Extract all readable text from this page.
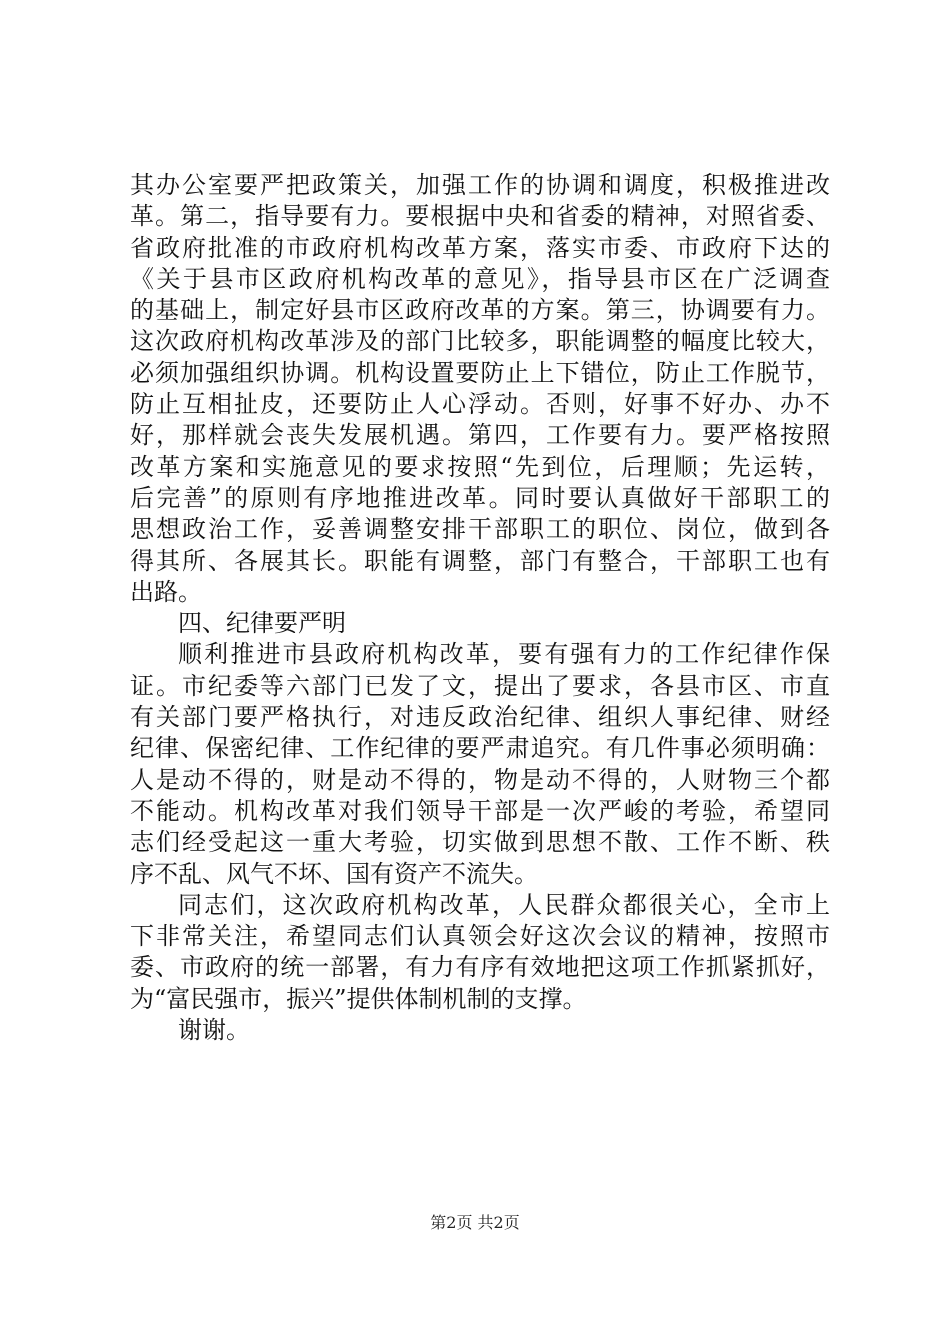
其办公室要严把政策关，加强工作的协调和调度，积极推进改
革。第二，指导要有力。要根据中央和省委的精神，对照省委、
省政府批准的市政府机构改革方案，落实市委、市政府下达的
《关于县市区政府机构改革的意见》，指导县市区在广泛调查
的基础上，制定好县市区政府改革的方案。第三，协调要有力。
这次政府机构改革涉及的部门比较多，职能调整的幅度比较大，
必须加强组织协调。机构设置要防止上下错位，防止工作脱节，
防止互相扯皮，还要防止人心浮动。否则，好事不好办、办不
好，那样就会丧失发展机遇。第四，工作要有力。要严格按照
改革方案和实施意见的要求按照“先到位，后理顺；先运转，
后完善”的原则有序地推进改革。同时要认真做好干部职工的
思想政治工作，妥善调整安排干部职工的职位、岗位，做到各
得其所、各展其长。职能有调整，部门有整合，干部职工也有
出路。
四、纪律要严明
顺利推进市县政府机构改革，要有强有力的工作纪律作保
证。市纪委等六部门已发了文，提出了要求，各县市区、市直
有关部门要严格执行，对违反政治纪律、组织人事纪律、财经
纪律、保密纪律、工作纪律的要严肃追究。有几件事必须明确：
人是动不得的，财是动不得的，物是动不得的，人财物三个都
不能动。机构改革对我们领导干部是一次严峻的考验，希望同
志们经受起这一重大考验，切实做到思想不散、工作不断、秩
序不乱、风气不坏、国有资产不流失。
同志们，这次政府机构改革，人民群众都很关心，全市上
下非常关注，希望同志们认真领会好这次会议的精神，按照市
委、市政府的统一部署，有力有序有效地把这项工作抓紧抓好，
为“富民强市，振兴”提供体制机制的支撑。
谢谢。
第2页 共2页
